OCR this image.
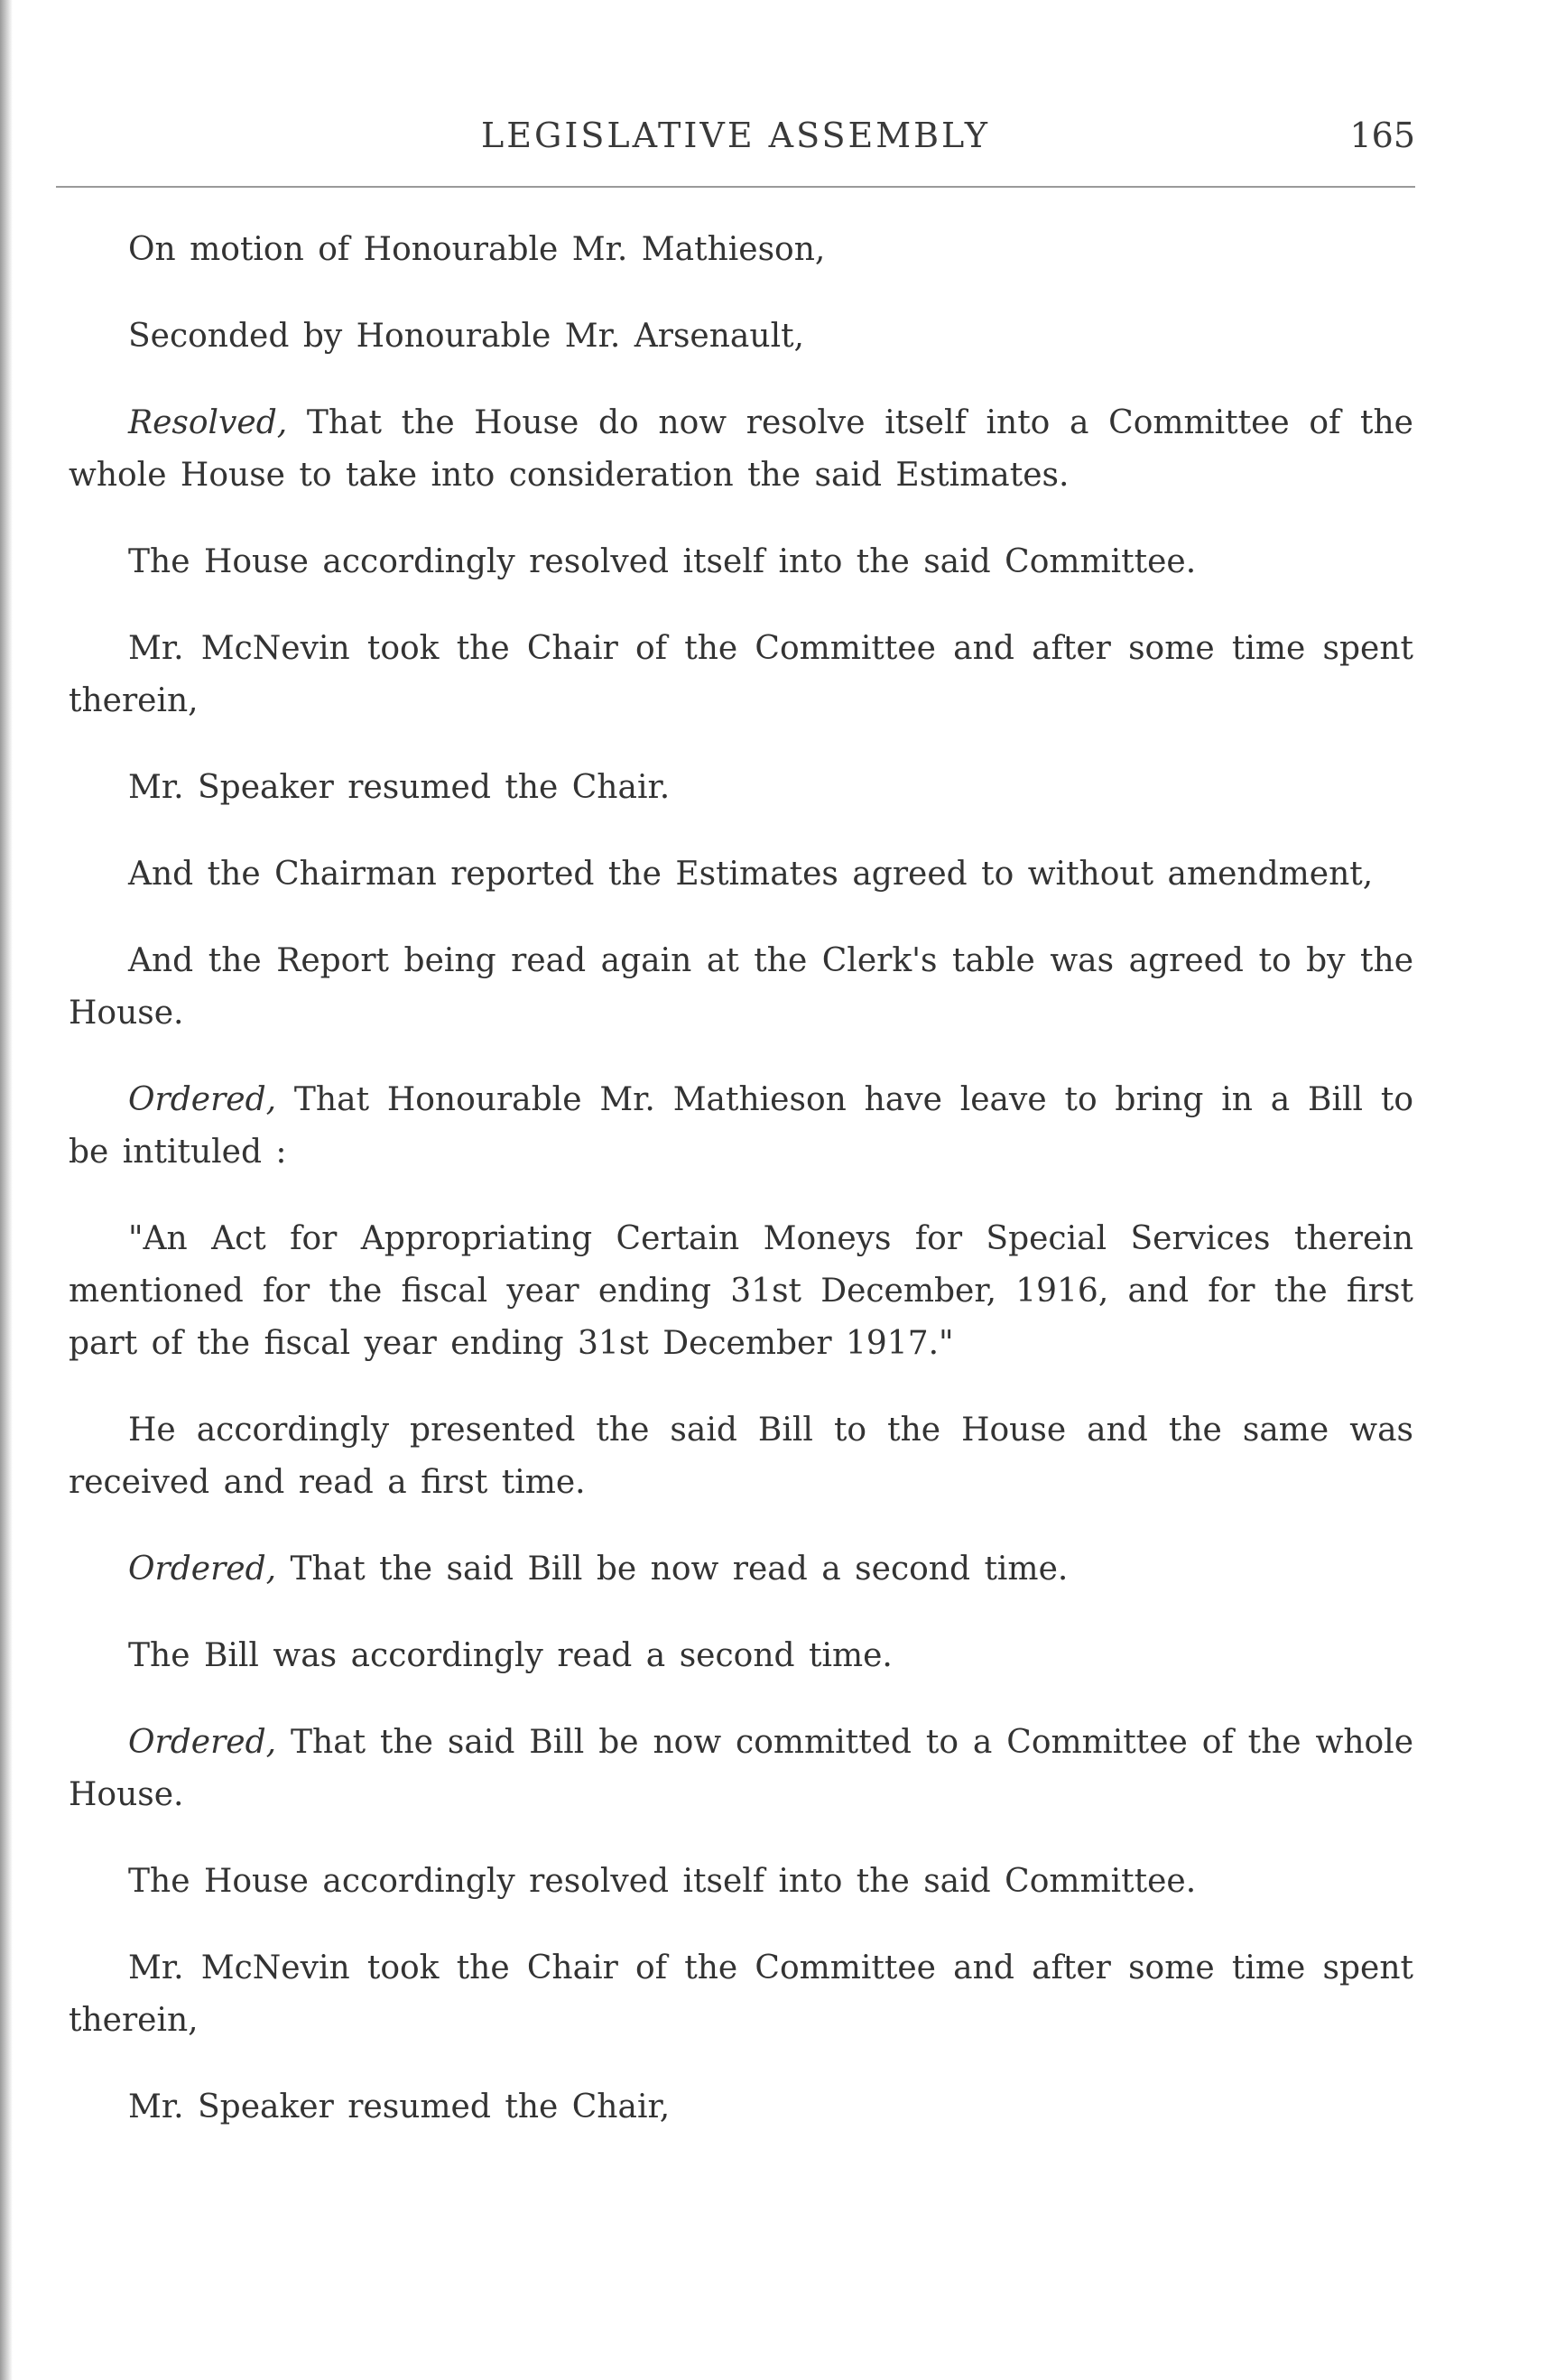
LEGISLATIVE ASSEMBLY	165

On motion of Honourable Mr. Mathieson,

Seconded by Honourable Mr. Arsenault,

Resolved, That the House do now resolve itself into a Committee of the whole House to take into consideration the said Estimates.

The House accordingly resolved itself into the said Committee.

Mr. McNevin took the Chair of the Committee and after some time spent therein,

Mr. Speaker resumed the Chair.

And the Chairman reported the Estimates agreed to without amendment,

And the Report being read again at the Clerk's table was agreed to by the House.

Ordered, That Honourable Mr. Mathieson have leave to bring in a Bill to be intituled :

"An Act for Appropriating Certain Moneys for Special Services therein mentioned for the fiscal year ending 31st December, 1916, and for the first part of the fiscal year ending 31st December 1917."

He accordingly presented the said Bill to the House and the same was received and read a first time.

Ordered, That the said Bill be now read a second time.

The Bill was accordingly read a second time.

Ordered, That the said Bill be now committed to a Committee of the whole House.

The House accordingly resolved itself into the said Committee.

Mr. McNevin took the Chair of the Committee and after some time spent therein,

Mr. Speaker resumed the Chair,
